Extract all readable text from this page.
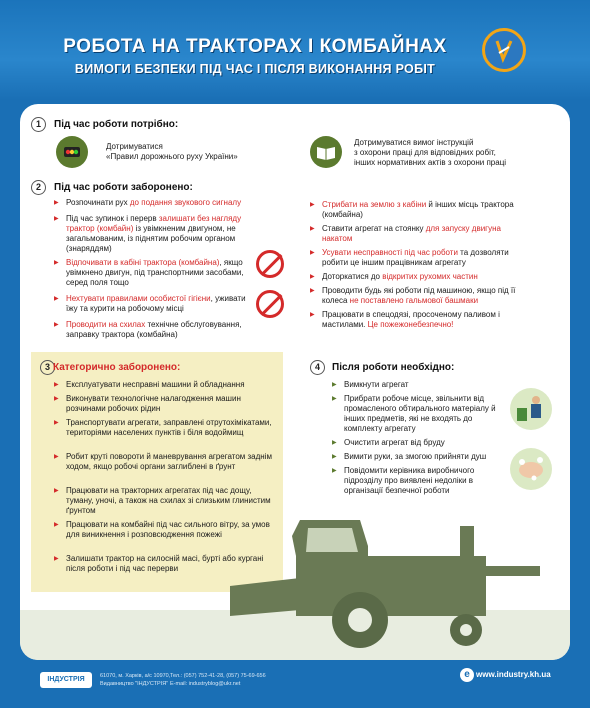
РОБОТА НА ТРАКТОРАХ І КОМБАЙНАХ
ВИМОГИ БЕЗПЕКИ ПІД ЧАС І ПІСЛЯ ВИКОНАННЯ РОБІТ
1	Під час роботи потрібно:
Дотримуватися
«Правил дорожнього руху України»
Дотримуватися вимог інструкцій
з охорони праці для відповідних робіт,
інших нормативних актів з охорони праці
2	Під час роботи заборонено:
▶ Розпочинати рух до подання звукового сигналу
▶ Під час зупинок і перерв залишати без нагляду трактор (комбайн) із увімкненим двигуном, не загальмованим, із піднятим робочим органом (знаряддям)
▶ Відпочивати в кабіні трактора (комбайна), якщо увімкнено двигун, під транспортними засобами, серед поля тощо
▶ Нехтувати правилами особистої гігієни, уживати їжу та курити на робочому місці
▶ Проводити на схилах технічне обслуговування, заправку трактора (комбайна)
▶ Стрибати на землю з кабіни й інших місць трактора (комбайна)
▶ Ставити агрегат на стоянку для запуску двигуна накатом
▶ Усувати несправності під час роботи та дозволяти робити це іншим працівникам агрегату
▶ Доторкатися до відкритих рухомих частин
▶ Проводити будь які роботи під машиною, якщо під її колеса не поставлено гальмової башмаки
▶ Працювати в спецодязі, просоченому паливом і мастилами. Це пожежонебезпечно!
3 Категорично заборонено:
▶ Експлуатувати несправні машини й обладнання
▶ Виконувати технологічне налагодження машин розчинами робочих рідин
▶ Транспортувати агрегати, заправлені отрутохімікатами, територіями населених пунктів і біля водоймищ
▶ Робит круті повороти й маневрування агрегатом заднім ходом, якщо робочі органи заглиблені в ґрунт
▶ Працювати на тракторних агрегатах під час дощу, туману, уночі, а також на схилах зі слизьким глинистим ґрунтом
▶ Працювати на комбайні під час сильного вітру, за умов для виникнення і розповсюдження пожежі
▶ Залишати трактор на силосній масі, бурті або кургані після роботи і під час перерви
4	Після роботи необхідно:
▶ Вимкнути агрегат
▶ Прибрати робоче місце, звільнити від промасленого обтирального матеріалу й інших предметів, які не входять до комплекту агрегату
▶ Очистити агрегат від бруду
▶ Вимити руки, за змогою прийняти душ
▶ Повідомити керівника виробничого підрозділу про виявлені недоліки в організації безпечної роботи
ІНДУСТРІЯ	61070, м. Харків, а/с 10970,
Видавництво "ІНДУСТРІЯ"
Тел.: (057) 752-41-28, (057) 75-69-656
E-mail: industryblog@ukr.net
e www.industry.kh.ua
